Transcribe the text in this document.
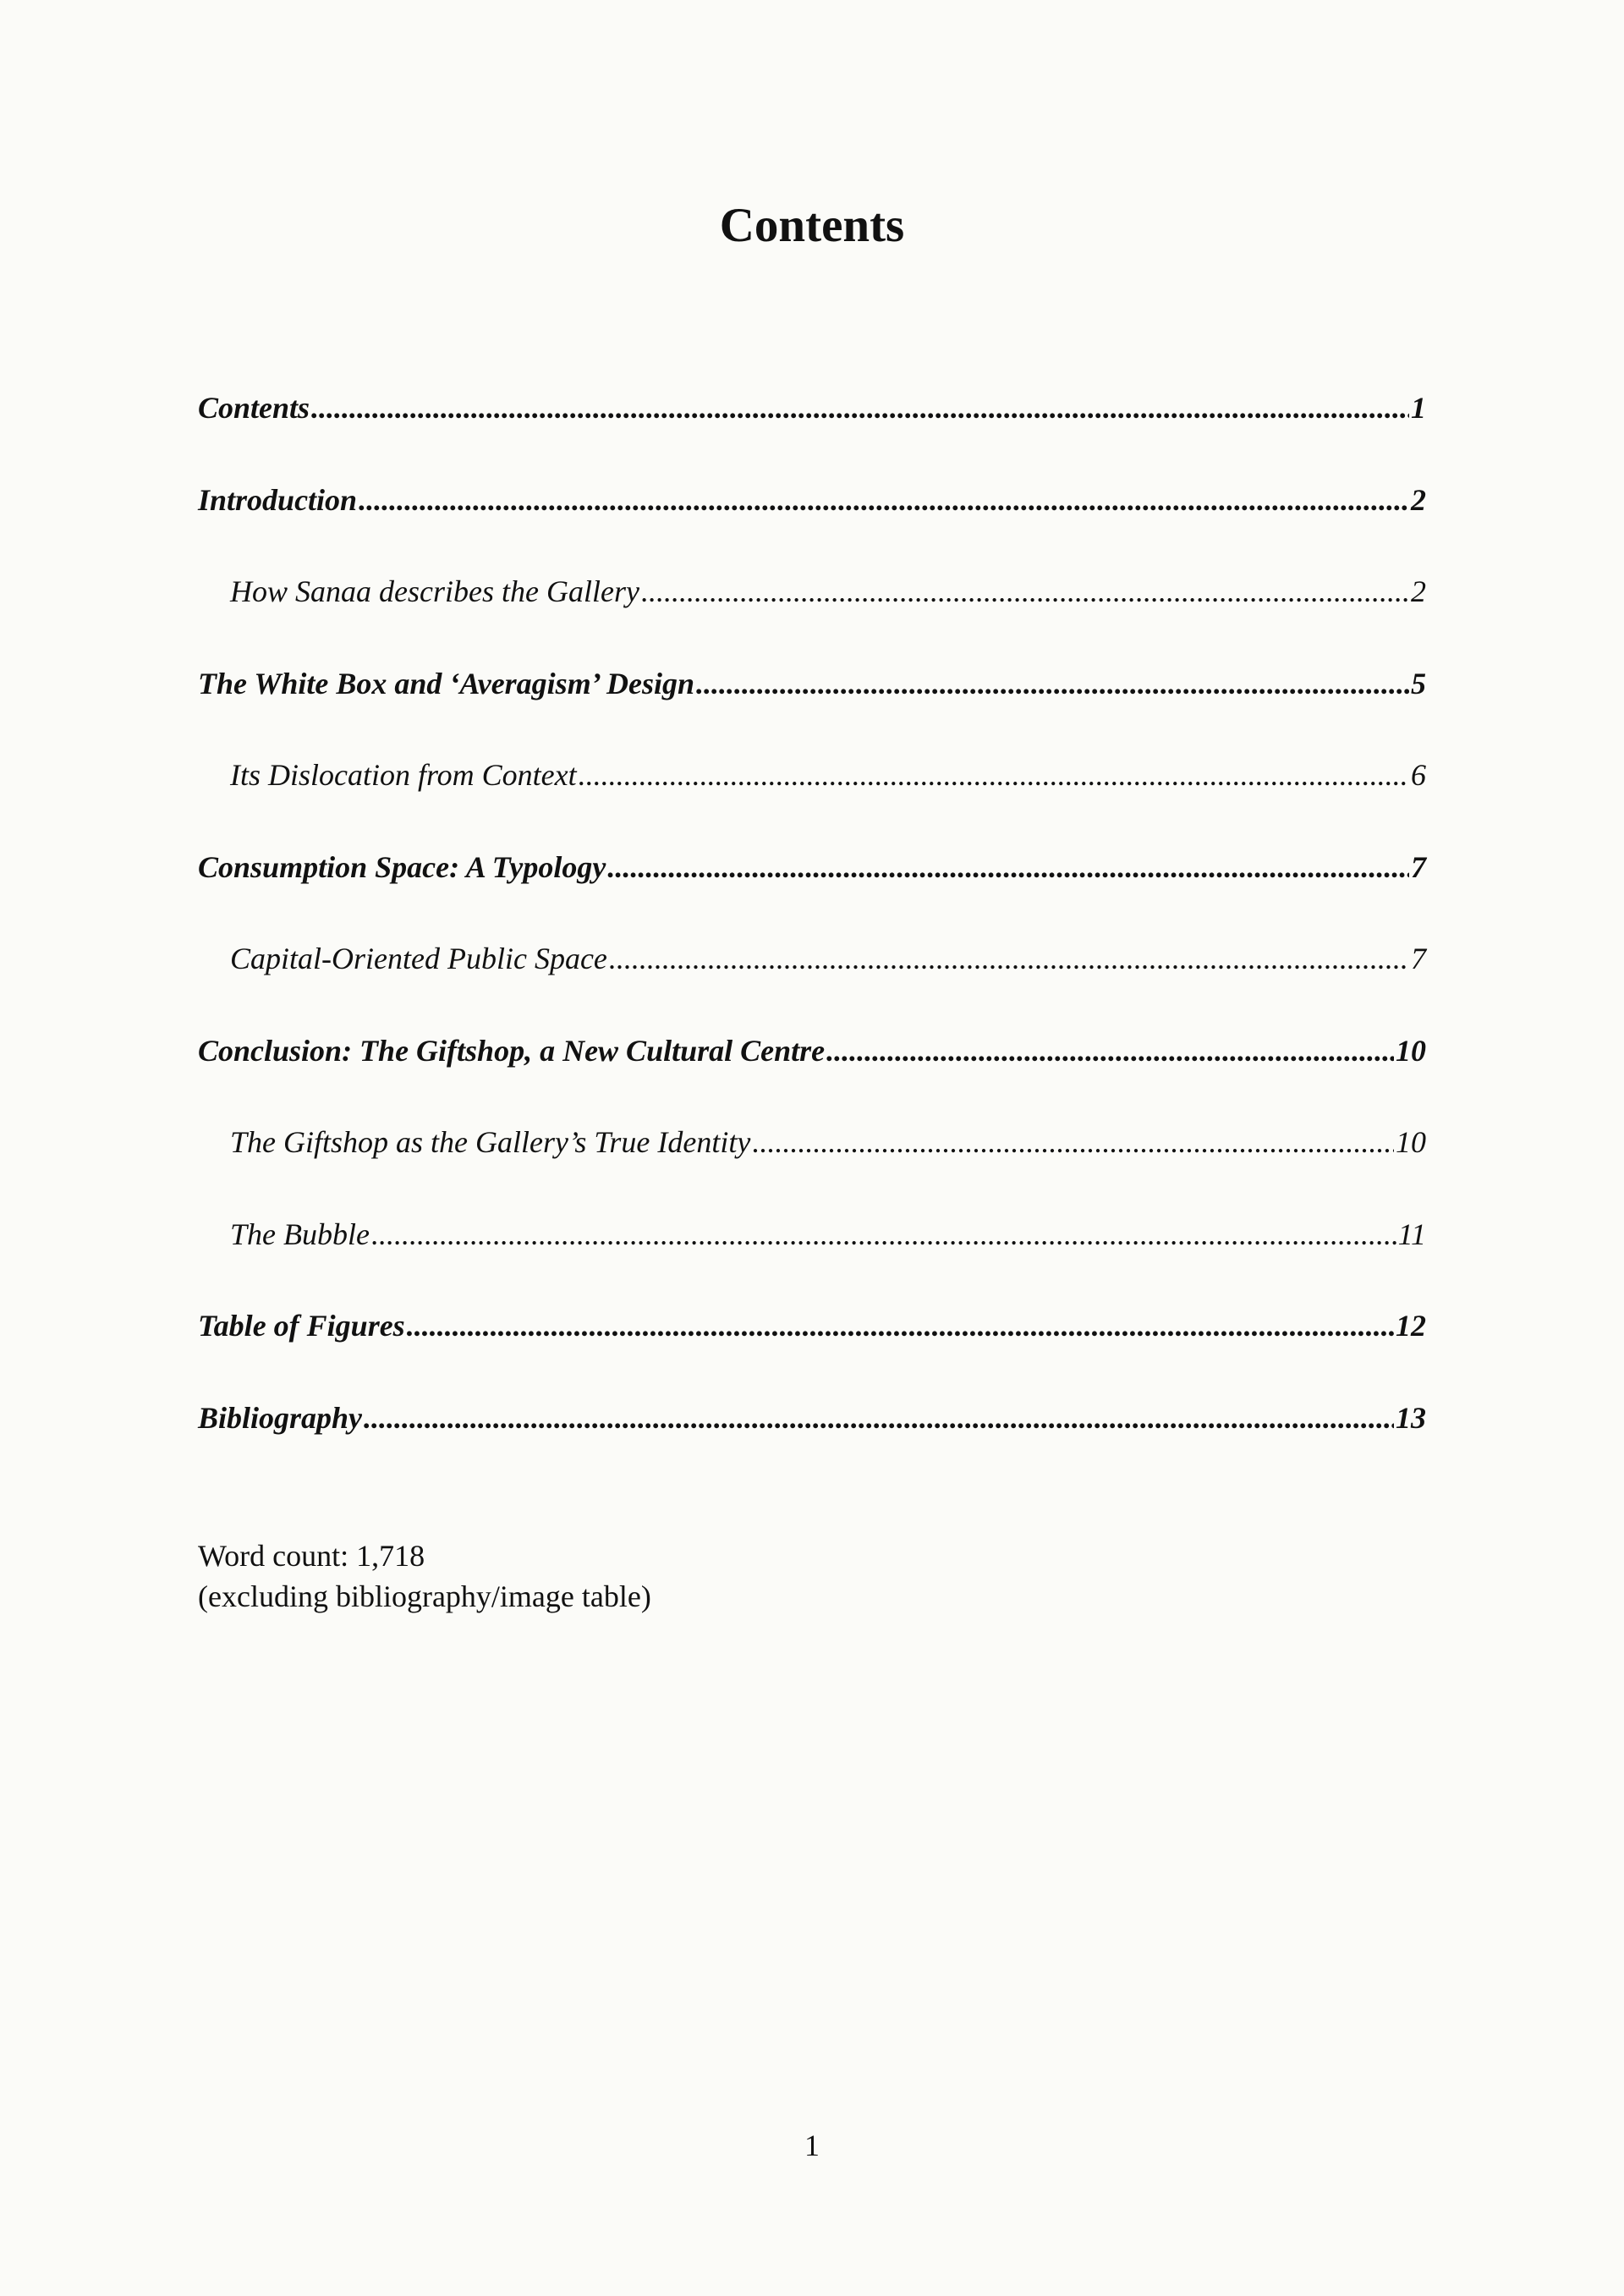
Contents
Contents .....	1
Introduction .....	2
How Sanaa describes the Gallery .....	2
The White Box and ‘Averagism’ Design .....	5
Its Dislocation from Context .....	6
Consumption Space: A Typology .....	7
Capital-Oriented Public Space .....	7
Conclusion: The Giftshop, a New Cultural Centre .....	10
The Giftshop as the Gallery’s True Identity .....	10
The Bubble .....	11
Table of Figures .....	12
Bibliography .....	13
Word count: 1,718
(excluding bibliography/image table)
1
